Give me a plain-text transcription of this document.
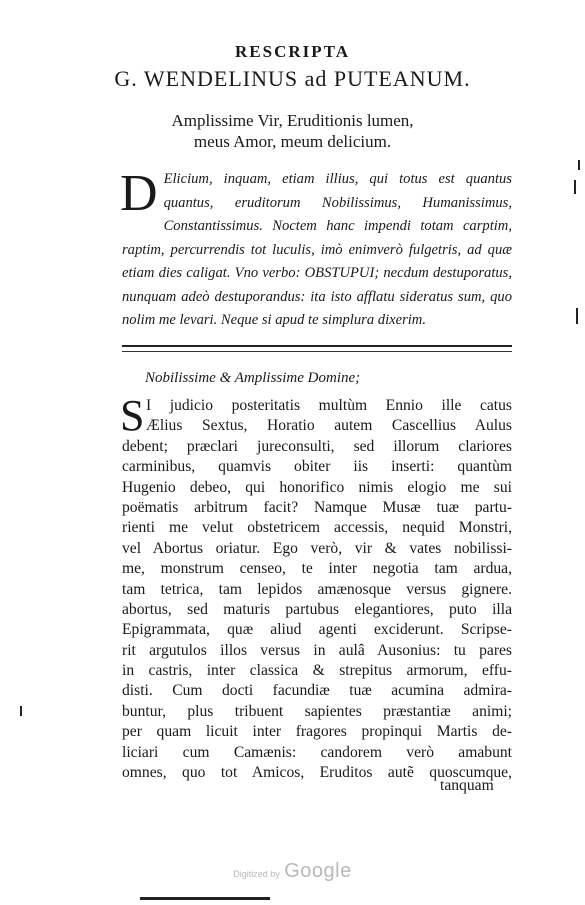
RESCRIPTA
G. WENDELINUS ad PUTEANUM.
Amplissime Vir, Eruditionis lumen,
meus Amor, meum delicium.
D Elicium, inquam, etiam illius, qui totus est quantus quantus, eruditorum Nobilissimus, Humanissimus, Constantissimus. Noctem hanc impendi totam carptim, raptim, percurrendis tot luculis, imò enimverò fulgetris, ad quæ etiam dies caligat. Vno verbo: OBSTUPUI; necdum destuporatus, nunquam adeò destuporandus: ita isto afflatu sideratus sum, quo nolim me levari. Neque si apud te simplura dixerim.
Nobilissime & Amplissime Domine;
S I judicio posteritatis multùm Ennio ille catus
Ælius Sextus, Horatio autem Cascellius Aulus
debent; præclari jureconsulti, sed illorum clariores
carminibus, quamvis obiter iis inserti: quantùm
Hugenio debeo, qui honorifico nimis elogio me sui
poëmatis arbitrum facit? Namque Musæ tuæ partu-
rienti me velut obstetricem accessis, nequid Monstri,
vel Abortus oriatur. Ego verò, vir & vates nobilissi-
me, monstrum censeo, te inter negotia tam ardua,
tam tetrica, tam lepidos amænosque versus gignere.
abortus, sed maturis partubus elegantiores, puto illa
Epigrammata, quæ aliud agenti exciderunt. Scripse-
rit argutulos illos versus in aulâ Ausonius: tu pares
in castris, inter classica & strepitus armorum, effu-
disti. Cum docti facundiæ tuæ acumina admira-
buntur, plus tribuent sapientes præstantiæ animi;
per quam licuit inter fragores propinqui Martis de-
liciari cum Camænis: candorem verò amabunt
omnes, quo tot Amicos, Eruditos autẽ quoscumque,
tanquam
Digitized by Google
